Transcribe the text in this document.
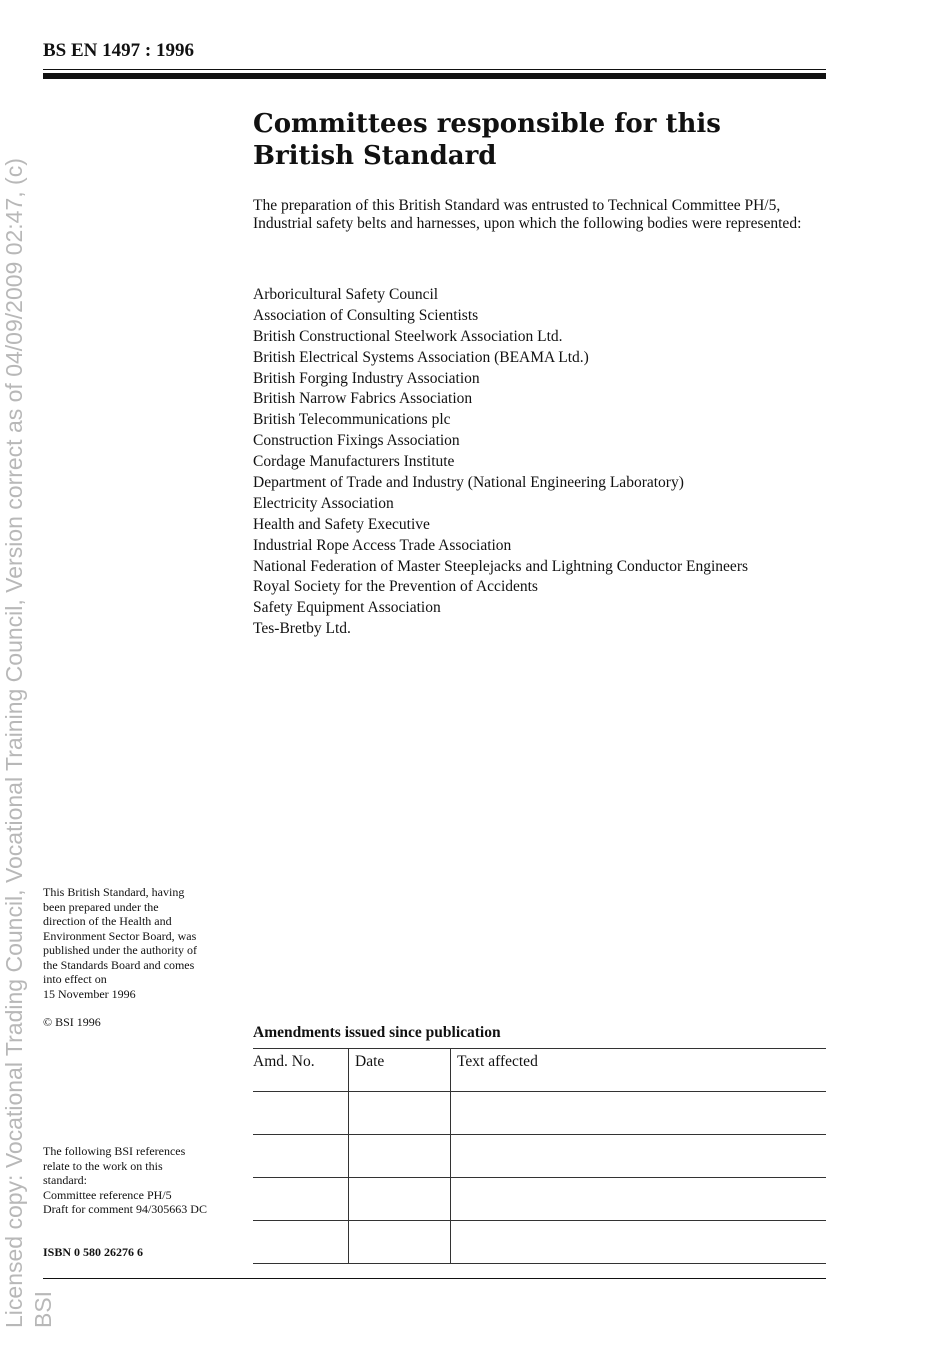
Licensed copy: Vocational Trading Council, Vocational Training Council, Version correct as of 04/09/2009 02:47, (c) BSI
BS EN 1497 : 1996
Committees responsible for this
British Standard

The preparation of this British Standard was entrusted to Technical Committee PH/5, Industrial safety belts and harnesses, upon which the following bodies were represented:

Arboricultural Safety Council
Association of Consulting Scientists
British Constructional Steelwork Association Ltd.
British Electrical Systems Association (BEAMA Ltd.)
British Forging Industry Association
British Narrow Fabrics Association
British Telecommunications plc
Construction Fixings Association
Cordage Manufacturers Institute
Department of Trade and Industry (National Engineering Laboratory)
Electricity Association
Health and Safety Executive
Industrial Rope Access Trade Association
National Federation of Master Steeplejacks and Lightning Conductor Engineers
Royal Society for the Prevention of Accidents
Safety Equipment Association
Tes-Bretby Ltd.
This British Standard, having
been prepared under the
direction of the Health and
Environment Sector Board, was
published under the authority of
the Standards Board and comes
into effect on
15 November 1996
© BSI 1996
The following BSI references
relate to the work on this
standard:
Committee reference PH/5
Draft for comment 94/305663 DC
ISBN 0 580 26276 6
Amendments issued since publication
Amd. No.	Date	Text affected
